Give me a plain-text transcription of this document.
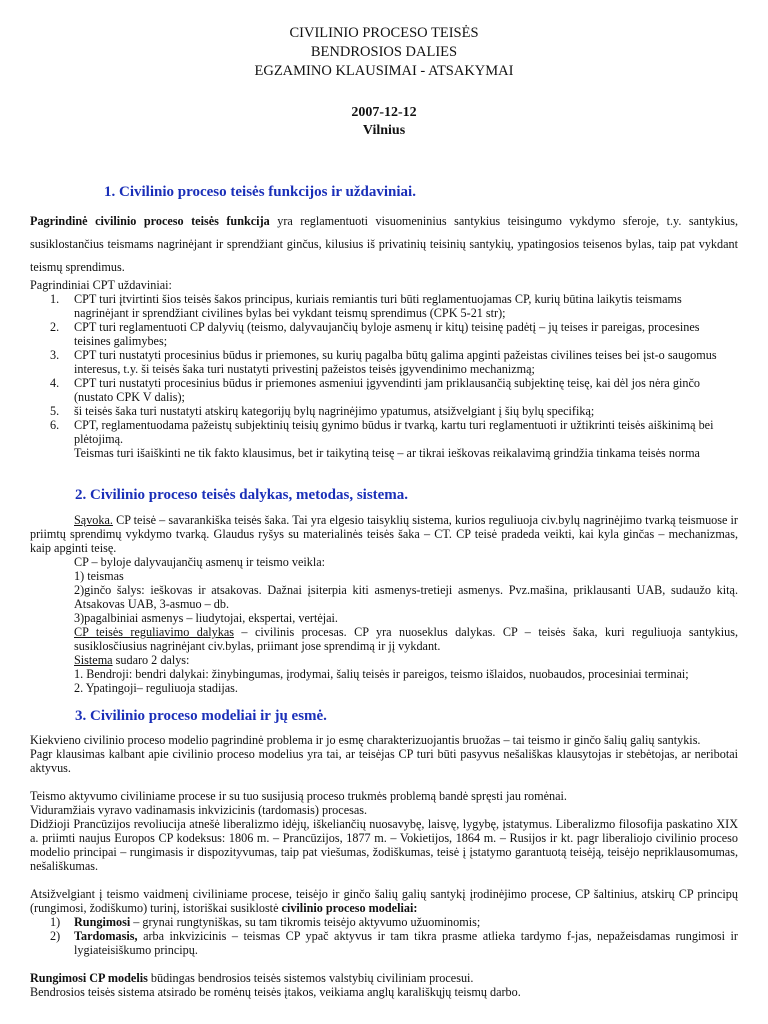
CIVILINIO PROCESO TEISĖS
BENDROSIOS DALIES
EGZAMINO KLAUSIMAI - ATSAKYMAI
2007-12-12
Vilnius
1. Civilinio proceso teisės funkcijos ir uždaviniai.

Pagrindinė civilinio proceso teisės funkcija yra reglamentuoti visuomeninius santykius teisingumo vykdymo sferoje, t.y. santykius, susiklostančius teismams nagrinėjant ir sprendžiant ginčus, kilusius iš privatinių teisinių santykių, ypatingosios teisenos bylas, taip pat vykdant teismų sprendimus.

Pagrindiniai CPT uždaviniai:

1. CPT turi įtvirtinti šios teisės šakos principus, kuriais remiantis turi būti reglamentuojamas CP, kurių būtina laikytis teismams nagrinėjant ir sprendžiant civilines bylas bei vykdant teismų sprendimus (CPK 5-21 str);
2. CPT turi reglamentuoti CP dalyvių (teismo, dalyvaujančių byloje asmenų ir kitų) teisinę padėtį – jų teises ir pareigas, procesines teisines galimybes;
3. CPT turi nustatyti procesinius būdus ir priemones, su kurių pagalba būtų galima apginti pažeistas civilines teises bei įst-o saugomus interesus, t.y. ši teisės šaka turi nustatyti privestinį pažeistos teisės įgyvendinimo mechanizmą;
4. CPT turi nustatyti procesinius būdus ir priemones asmeniui įgyvendinti jam priklausančią subjektinę teisę, kai dėl jos nėra ginčo (nustato CPK V dalis);
5. ši teisės šaka turi nustatyti atskirų kategorijų bylų nagrinėjimo ypatumus, atsižvelgiant į šių bylų specifiką;
6. CPT, reglamentuodama pažeistų subjektinių teisių gynimo būdus ir tvarką, kartu turi reglamentuoti ir užtikrinti teisės aiškinimą bei plėtojimą.
Teismas turi išaiškinti ne tik fakto klausimus, bet ir taikytiną teisę – ar tikrai ieškovas reikalavimą grindžia tinkama teisės norma
2. Civilinio proceso teisės dalykas, metodas, sistema.

Sąvoka. CP teisė – savarankiška teisės šaka. Tai yra elgesio taisyklių sistema, kurios reguliuoja civ.bylų nagrinėjimo tvarką teismuose ir priimtų sprendimų vykdymo tvarką. Glaudus ryšys su materialinės teisės šaka – CT. CP teisė pradeda veikti, kai kyla ginčas – mechanizmas, kaip apginti teisę.

CP – byloje dalyvaujančių asmenų ir teismo veikla:

1) teismas

2)ginčo šalys: ieškovas ir atsakovas. Dažnai įsiterpia kiti asmenys-tretieji asmenys. Pvz.mašina, priklausanti UAB, sudaužo kitą. Atsakovas UAB, 3-asmuo – db.

3)pagalbiniai asmenys – liudytojai, ekspertai, vertėjai.

CP teisės reguliavimo dalykas – civilinis procesas. CP yra nuoseklus dalykas. CP – teisės šaka, kuri reguliuoja santykius, susiklosčiusius nagrinėjant civ.bylas, priimant jose sprendimą ir jį vykdant.

Sistema sudaro 2 dalys:

1. Bendroji: bendri dalykai: žinybingumas, įrodymai, šalių teisės ir pareigos, teismo išlaidos, nuobaudos, procesiniai terminai;

2. Ypatingoji– reguliuoja stadijas.

3. Civilinio proceso modeliai ir jų esmė.

Kiekvieno civilinio proceso modelio pagrindinė problema ir jo esmę charakterizuojantis bruožas – tai teismo ir ginčo šalių galių santykis.

Pagr klausimas kalbant apie civilinio proceso modelius yra tai, ar teisėjas CP turi būti pasyvus nešališkas klausytojas ir stebėtojas, ar neribotai aktyvus.

Teismo aktyvumo civiliniame procese ir su tuo susijusią proceso trukmės problemą bandė spręsti jau romėnai.

Viduramžiais vyravo vadinamasis inkvizicinis (tardomasis) procesas.

Didžioji Prancūzijos revoliucija atnešė liberalizmo idėjų, iškeliančių nuosavybę, laisvę, lygybę, įstatymus. Liberalizmo filosofija paskatino XIX a. priimti naujus Europos CP kodeksus: 1806 m. – Prancūzijos, 1877 m. – Vokietijos, 1864 m. – Rusijos ir kt. pagr liberaliojo civilinio proceso modelio principai – rungimasis ir dispozityvumas, taip pat viešumas, žodiškumas, teisė į įstatymo garantuotą teisėją, teisėjo nepriklausomumas, nešališkumas.

Atsižvelgiant į teismo vaidmenį civiliniame procese, teisėjo ir ginčo šalių galių santykį įrodinėjimo procese, CP šaltinius, atskirų CP principų (rungimosi, žodiškumo) turinį, istoriškai susiklostė civilinio proceso modeliai:

1) Rungimosi – grynai rungtyniškas, su tam tikromis teisėjo aktyvumo užuominomis;
2) Tardomasis, arba inkvizicinis – teismas CP ypač aktyvus ir tam tikra prasme atlieka tardymo f-jas, nepažeisdamas rungimosi ir lygiateisiškumo principų.

Rungimosi CP modelis būdingas bendrosios teisės sistemos valstybių civiliniam procesui.

Bendrosios teisės sistema atsirado be romėnų teisės įtakos, veikiama anglų karališkųjų teismų darbo.
